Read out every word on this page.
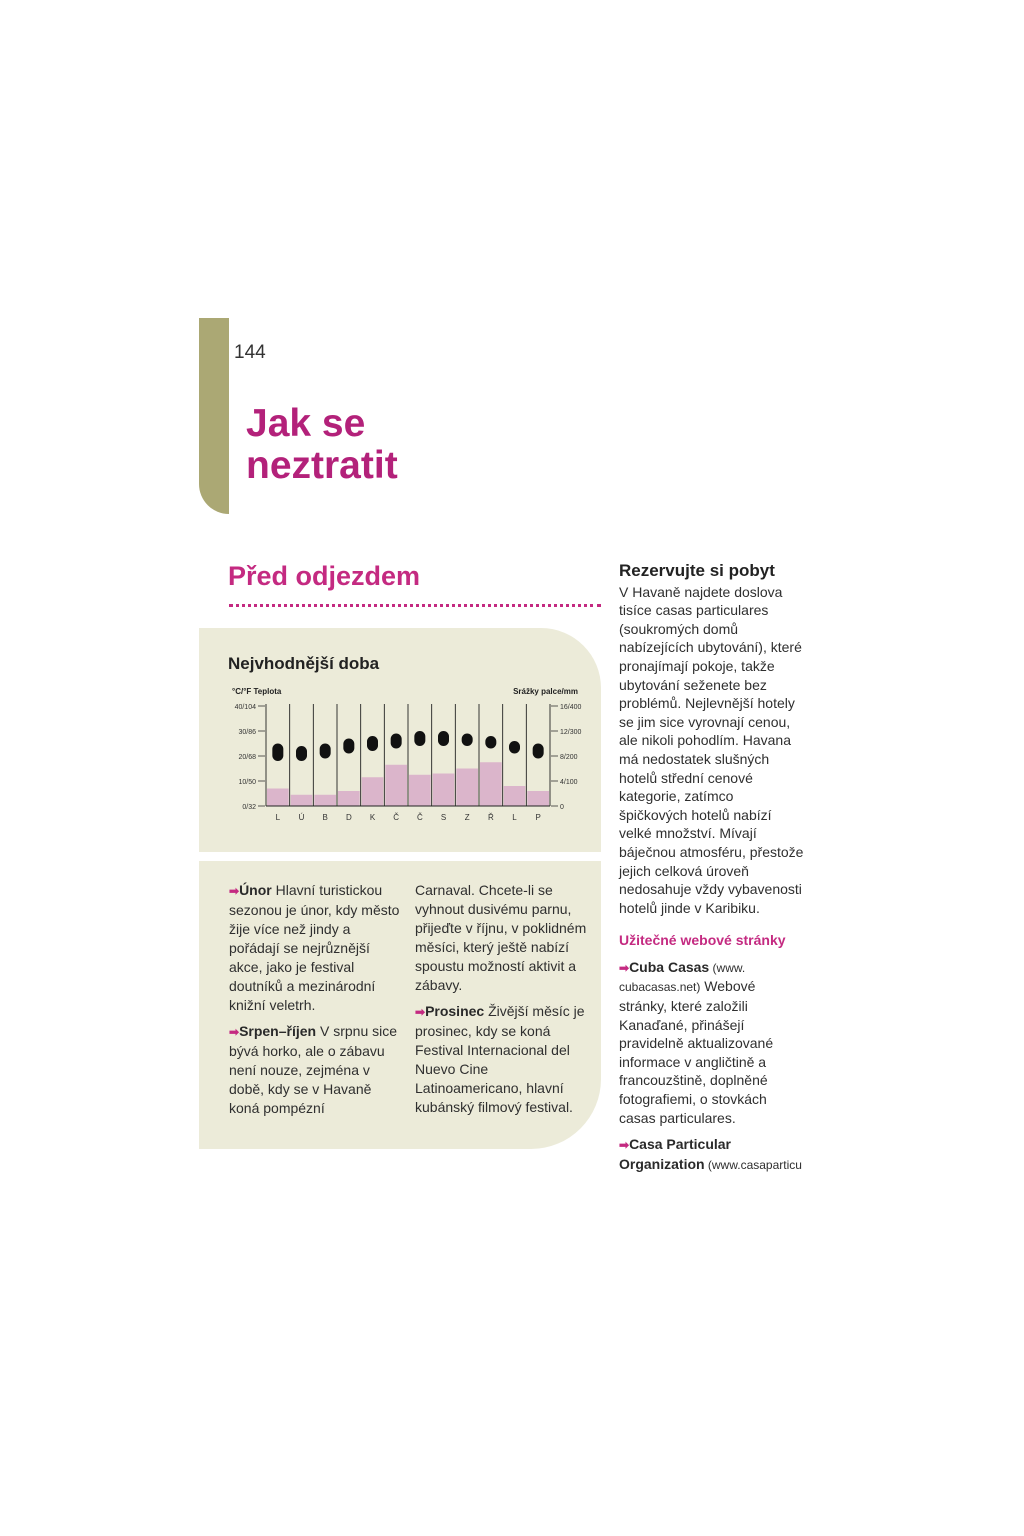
144
Jak se
neztratit
Před odjezdem
Nejvhodnější doba
°C/°F Teplota	Srážky palce/mm
40/104
30/86
20/68
10/50
0/32
16/400
12/300
8/200
4/100
0
L Ú B D K Č Č S Z Ř L P

➡Únor Hlavní turistickou sezonou je únor, kdy město žije více než jindy a pořádají se nejrůznější akce, jako je festival doutníků a mezinárodní knižní veletrh.

➡Srpen–říjen V srpnu sice bývá horko, ale o zábavu není nouze, zejména v době, kdy se v Havaně koná pompézní

Carnaval. Chcete-li se vyhnout dusivému parnu, přijeďte v říjnu, v poklidném měsíci, který ještě nabízí spoustu možností aktivit a zábavy.

➡Prosinec Živější měsíc je prosinec, kdy se koná Festival Internacional del Nuevo Cine Latinoamericano, hlavní kubánský filmový festival.

Rezervujte si pobyt

V Havaně najdete doslova tisíce casas particulares (soukromých domů nabízejících ubytování), které pronajímají pokoje, takže ubytování seženete bez problémů. Nejlevnější hotely se jim sice vyrovnají cenou, ale nikoli pohodlím. Havana má nedostatek slušných hotelů střední cenové kategorie, zatímco špičkových hotelů nabízí velké množství. Mívají báječnou atmosféru, přestože jejich celková úroveň nedosahuje vždy vybavenosti hotelů jinde v Karibiku.

Užitečné webové stránky

➡Cuba Casas (www. cubacasas.net) Webové stránky, které založili Kanaďané, přinášejí pravidelně aktualizované informace v angličtině a francouzštině, doplněné fotografiemi, o stovkách casas particulares.

➡Casa Particular Organization (www.casaparticu
